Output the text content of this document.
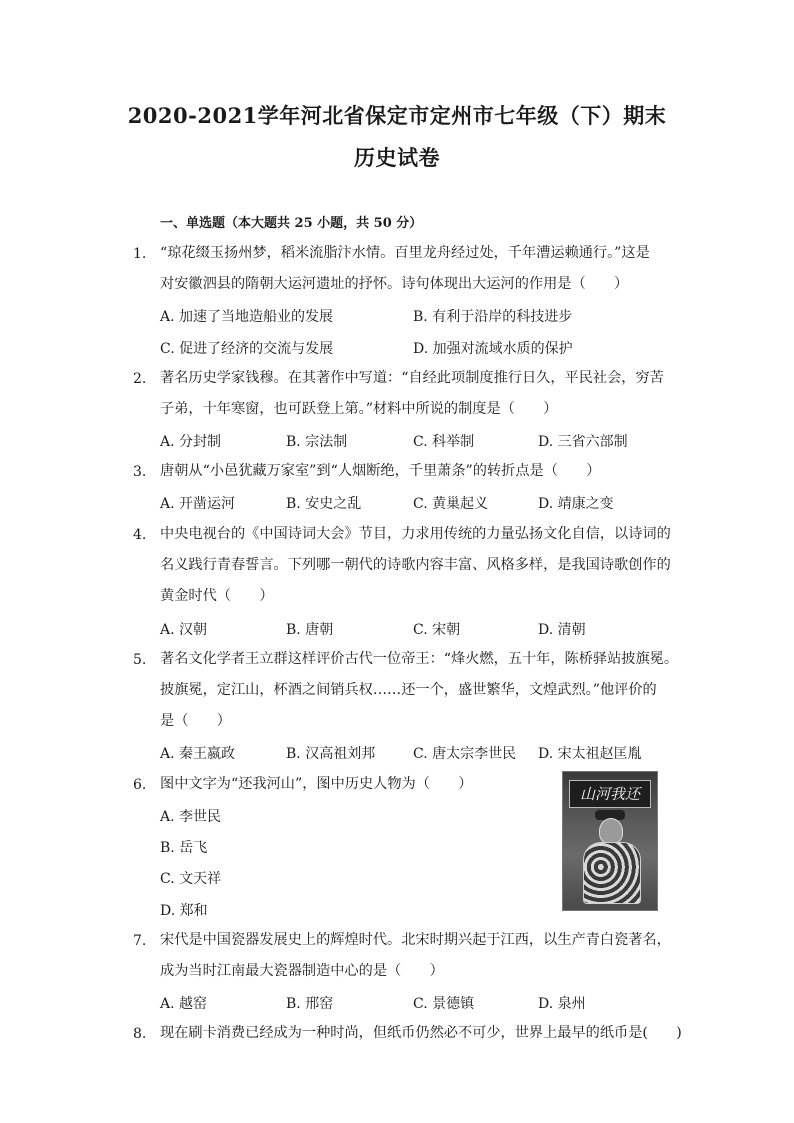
2020-2021学年河北省保定市定州市七年级（下）期末
历史试卷
一、单选题（本大题共 25 小题，共 50 分）
1. “琼花缀玉扬州梦，稻米流脂汴水情。百里龙舟经过处，千年漕运赖通行。”这是
对安徽泗县的隋朝大运河遗址的抒怀。诗句体现出大运河的作用是（　　）
A. 加速了当地造船业的发展	B. 有利于沿岸的科技进步
C. 促进了经济的交流与发展	D. 加强对流域水质的保护
2. 著名历史学家钱穆。在其著作中写道：“自经此项制度推行日久，平民社会，穷苦
子弟，十年寒窗，也可跃登上第。”材料中所说的制度是（　　）
A. 分封制	B. 宗法制	C. 科举制	D. 三省六部制
3. 唐朝从“小邑犹藏万家室”到“人烟断绝，千里萧条”的转折点是（　　）
A. 开凿运河	B. 安史之乱	C. 黄巢起义	D. 靖康之变
4. 中央电视台的《中国诗词大会》节目，力求用传统的力量弘扬文化自信，以诗词的
名义践行青春誓言。下列哪一朝代的诗歌内容丰富、风格多样，是我国诗歌创作的
黄金时代（　　）
A. 汉朝	B. 唐朝	C. 宋朝	D. 清朝
5. 著名文化学者王立群这样评价古代一位帝王：“烽火燃，五十年，陈桥驿站披旗冕。
披旗冕，定江山，杯酒之间销兵权……还一个，盛世繁华，文煌武烈。”他评价的
是（　　）
A. 秦王嬴政	B. 汉高祖刘邦	C. 唐太宗李世民 D. 宋太祖赵匡胤
6. 图中文字为“还我河山”，图中历史人物为（　　）
A. 李世民
B. 岳飞
C. 文天祥
D. 郑和
山河我还
7. 宋代是中国瓷器发展史上的辉煌时代。北宋时期兴起于江西，以生产青白瓷著名，
成为当时江南最大瓷器制造中心的是（　　）
A. 越窑	B. 邢窑	C. 景德镇	D. 泉州
8. 现在刷卡消费已经成为一种时尚，但纸币仍然必不可少，世界上最早的纸币是(　　)
